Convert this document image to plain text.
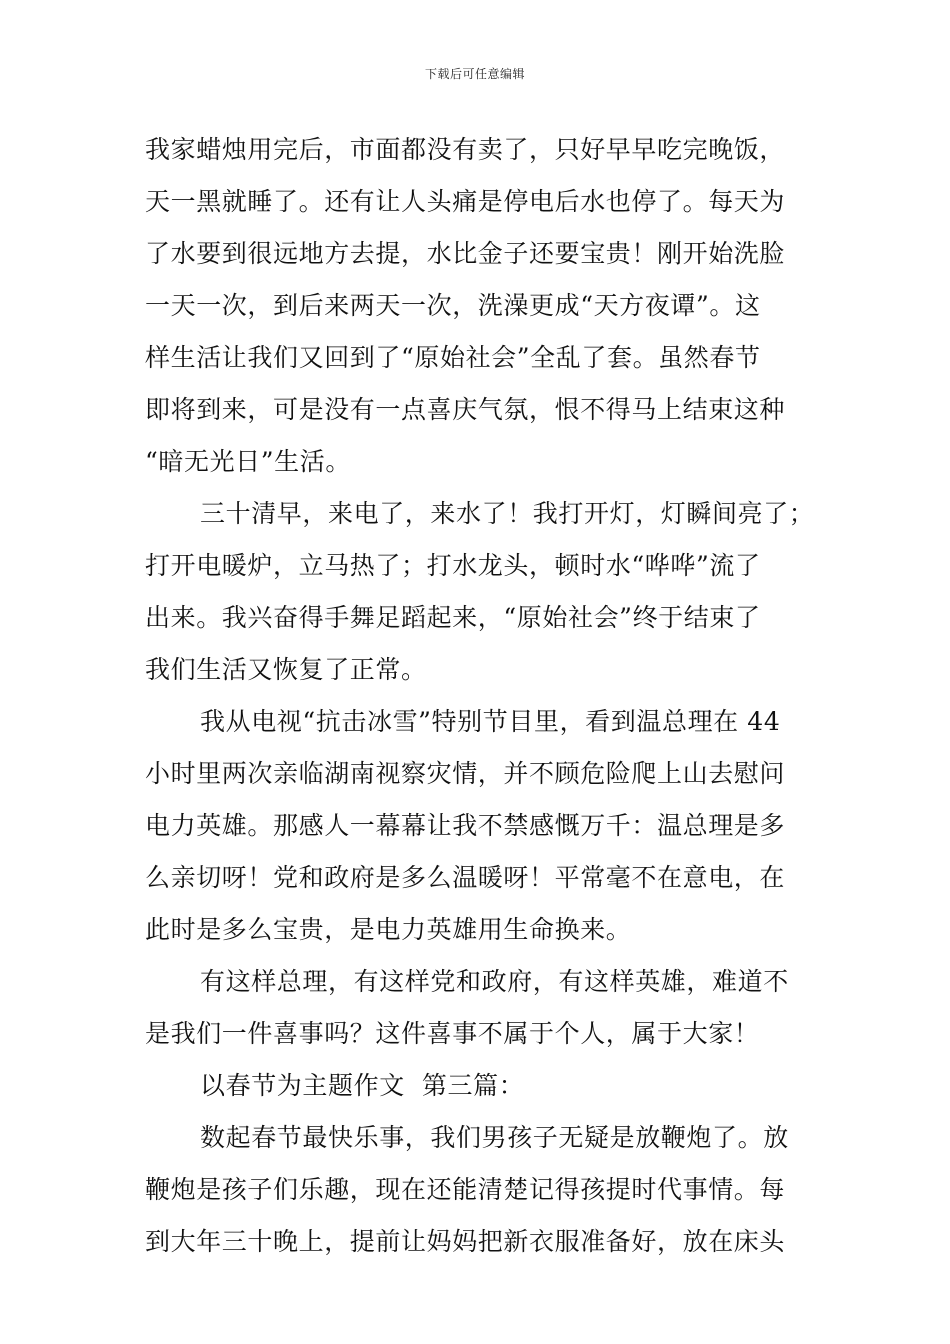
下载后可任意编辑
我家蜡烛用完后，市面都没有卖了，只好早早吃完晚饭，
天一黑就睡了。还有让人头痛是停电后水也停了。每天为
了水要到很远地方去提，水比金子还要宝贵！刚开始洗脸
一天一次，到后来两天一次，洗澡更成“天方夜谭”。这
样生活让我们又回到了“原始社会”全乱了套。虽然春节
即将到来，可是没有一点喜庆气氛，恨不得马上结束这种
“暗无光日”生活。
三十清早，来电了，来水了！我打开灯，灯瞬间亮了；
打开电暖炉，立马热了；打水龙头，顿时水“哗哗”流了
出来。我兴奋得手舞足蹈起来，“原始社会”终于结束了
我们生活又恢复了正常。
我从电视“抗击冰雪”特别节目里，看到温总理在 44
小时里两次亲临湖南视察灾情，并不顾危险爬上山去慰问
电力英雄。那感人一幕幕让我不禁感慨万千：温总理是多
么亲切呀！党和政府是多么温暖呀！平常毫不在意电，在
此时是多么宝贵，是电力英雄用生命换来。
有这样总理，有这样党和政府，有这样英雄，难道不
是我们一件喜事吗？这件喜事不属于个人，属于大家！
以春节为主题作文  第三篇：
数起春节最快乐事，我们男孩子无疑是放鞭炮了。放
鞭炮是孩子们乐趣，现在还能清楚记得孩提时代事情。每
到大年三十晚上，提前让妈妈把新衣服准备好，放在床头
